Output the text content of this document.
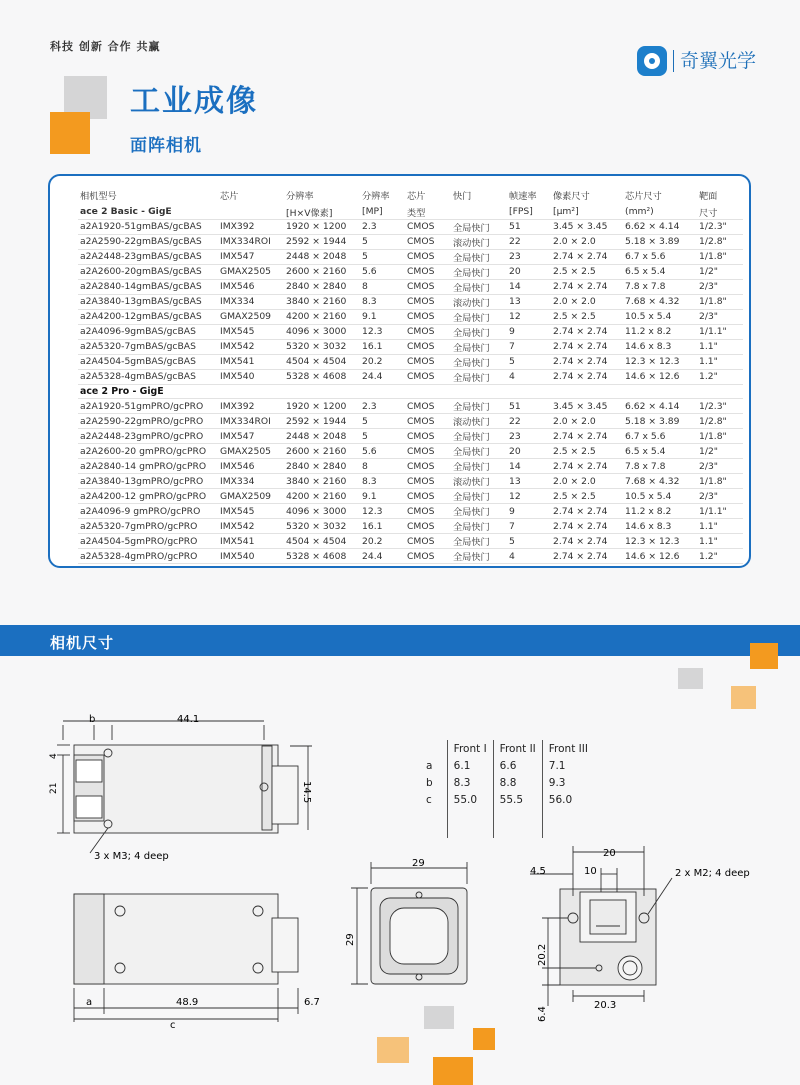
科技 创新 合作 共赢
奇翼光学
工业成像
面阵相机
相机型号	芯片	分辨率	分辨率	芯片	快门	帧速率	像素尺寸	芯片尺寸	靶面
ace 2 Basic - GigE		[H×V像素]	[MP]	类型		[FPS]	[μm²]	(mm²)	尺寸
a2A1920-51gmBAS/gcBAS	IMX392	1920 × 1200	2.3	CMOS	全局快门	51	3.45 × 3.45	6.62 × 4.14	1/2.3"
a2A2590-22gmBAS/gcBAS	IMX334ROI	2592 × 1944	5	CMOS	滚动快门	22	2.0 × 2.0	5.18 × 3.89	1/2.8"
a2A2448-23gmBAS/gcBAS	IMX547	2448 × 2048	5	CMOS	全局快门	23	2.74 × 2.74	6.7 x 5.6	1/1.8"
a2A2600-20gmBAS/gcBAS	GMAX2505	2600 × 2160	5.6	CMOS	全局快门	20	2.5 × 2.5	6.5 x 5.4	1/2"
a2A2840-14gmBAS/gcBAS	IMX546	2840 × 2840	8	CMOS	全局快门	14	2.74 × 2.74	7.8 x 7.8	2/3"
a2A3840-13gmBAS/gcBAS	IMX334	3840 × 2160	8.3	CMOS	滚动快门	13	2.0 × 2.0	7.68 × 4.32	1/1.8"
a2A4200-12gmBAS/gcBAS	GMAX2509	4200 × 2160	9.1	CMOS	全局快门	12	2.5 × 2.5	10.5 x 5.4	2/3"
a2A4096-9gmBAS/gcBAS	IMX545	4096 × 3000	12.3	CMOS	全局快门	9	2.74 × 2.74	11.2 x 8.2	1/1.1"
a2A5320-7gmBAS/gcBAS	IMX542	5320 × 3032	16.1	CMOS	全局快门	7	2.74 × 2.74	14.6 x 8.3	1.1"
a2A4504-5gmBAS/gcBAS	IMX541	4504 × 4504	20.2	CMOS	全局快门	5	2.74 × 2.74	12.3 × 12.3	1.1"
a2A5328-4gmBAS/gcBAS	IMX540	5328 × 4608	24.4	CMOS	全局快门	4	2.74 × 2.74	14.6 × 12.6	1.2"
ace 2 Pro - GigE									
a2A1920-51gmPRO/gcPRO	IMX392	1920 × 1200	2.3	CMOS	全局快门	51	3.45 × 3.45	6.62 × 4.14	1/2.3"
a2A2590-22gmPRO/gcPRO	IMX334ROI	2592 × 1944	5	CMOS	滚动快门	22	2.0 × 2.0	5.18 × 3.89	1/2.8"
a2A2448-23gmPRO/gcPRO	IMX547	2448 × 2048	5	CMOS	全局快门	23	2.74 × 2.74	6.7 x 5.6	1/1.8"
a2A2600-20 gmPRO/gcPRO	GMAX2505	2600 × 2160	5.6	CMOS	全局快门	20	2.5 × 2.5	6.5 x 5.4	1/2"
a2A2840-14 gmPRO/gcPRO	IMX546	2840 × 2840	8	CMOS	全局快门	14	2.74 × 2.74	7.8 x 7.8	2/3"
a2A3840-13gmPRO/gcPRO	IMX334	3840 × 2160	8.3	CMOS	滚动快门	13	2.0 × 2.0	7.68 × 4.32	1/1.8"
a2A4200-12 gmPRO/gcPRO	GMAX2509	4200 × 2160	9.1	CMOS	全局快门	12	2.5 × 2.5	10.5 x 5.4	2/3"
a2A4096-9 gmPRO/gcPRO	IMX545	4096 × 3000	12.3	CMOS	全局快门	9	2.74 × 2.74	11.2 x 8.2	1/1.1"
a2A5320-7gmPRO/gcPRO	IMX542	5320 × 3032	16.1	CMOS	全局快门	7	2.74 × 2.74	14.6 x 8.3	1.1"
a2A4504-5gmPRO/gcPRO	IMX541	4504 × 4504	20.2	CMOS	全局快门	5	2.74 × 2.74	12.3 × 12.3	1.1"
a2A5328-4gmPRO/gcPRO	IMX540	5328 × 4608	24.4	CMOS	全局快门	4	2.74 × 2.74	14.6 × 12.6	1.2"
相机尺寸
b	44.1
4
21	14.5
3 x M3; 4 deep
a	48.9	6.7
c
29
29
20
4.5	10	2 x M2; 4 deep
20.2
6.4
20.3
	Front I	Front II	Front III
a	6.1	6.6	7.1
b	8.3	8.8	9.3
c	55.0	55.5	56.0
